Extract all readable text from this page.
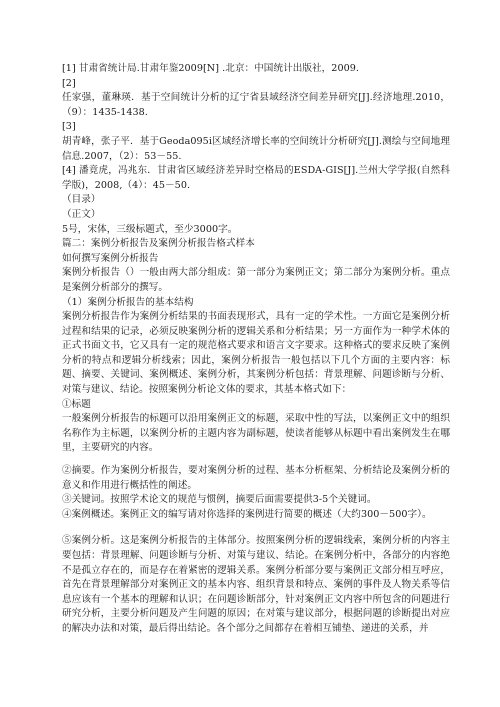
[1] 甘肃省统计局.甘肃年鉴2009[N] .北京：中国统计出版社，2009.

[2]

任家强，董琳瑛．基于空间统计分析的辽宁省县域经济空间差异研究[J].经济地理.2010，（9）：1435-1438.

[3]

胡青峰，张子平．基于Geoda095i区域经济增长率的空间统计分析研究[J].测绘与空间地理信息.2007，（2）：53－55.

[4] 潘竟虎，冯兆东．甘肃省区域经济差异时空格局的ESDA-GIS[J].兰州大学学报(自然科学版)，2008,（4）：45－50.

（目录）

（正文）

5号，宋体，三级标题式，至少3000字。

篇二：案例分析报告及案例分析报告格式样本

如何撰写案例分析报告

案例分析报告（）一般由两大部分组成：第一部分为案例正文；第二部分为案例分析。重点是案例分析部分的撰写。

（1）案例分析报告的基本结构

案例分析报告作为案例分析结果的书面表现形式，具有一定的学术性。一方面它是案例分析过程和结果的记录，必须反映案例分析的逻辑关系和分析结果；另一方面作为一种学术体的正式书面文书，它又具有一定的规范格式要求和语言文字要求。这种格式的要求反映了案例分析的特点和逻辑分析线索；因此，案例分析报告一般包括以下几个方面的主要内容：标题、摘要、关键词、案例概述、案例分析，其案例分析包括：背景理解、问题诊断与分析、对策与建议、结论。按照案例分析论文体的要求，其基本格式如下：

①标题

一般案例分析报告的标题可以沿用案例正文的标题，采取中性的写法，以案例正文中的组织名称作为主标题，以案例分析的主题内容为副标题，使读者能够从标题中看出案例发生在哪里，主要研究的内容。

②摘要。作为案例分析报告，要对案例分析的过程、基本分析框架、分析结论及案例分析的意义和作用进行概括性的阐述。

③关键词。按照学术论文的规范与惯例，摘要后面需要提供3-5个关键词。

④案例概述。案例正文的编写请对你选择的案例进行简要的概述（大约300－500字）。

⑤案例分析。这是案例分析报告的主体部分。按照案例分析的逻辑线索，案例分析的内容主要包括：背景理解、问题诊断与分析、对策与建议、结论。在案例分析中，各部分的内容绝不是孤立存在的，而是存在着紧密的逻辑关系。案例分析部分要与案例正文部分相互呼应，首先在背景理解部分对案例正文的基本内容、组织背景和特点、案例的事件及人物关系等信息应该有一个基本的理解和认识；在问题诊断部分，针对案例正文内容中所包含的问题进行研究分析，主要分析问题及产生问题的原因；在对策与建议部分，根据问题的诊断提出对应的解决办法和对策，最后得出结论。各个部分之间都存在着相互铺垫、递进的关系，并
